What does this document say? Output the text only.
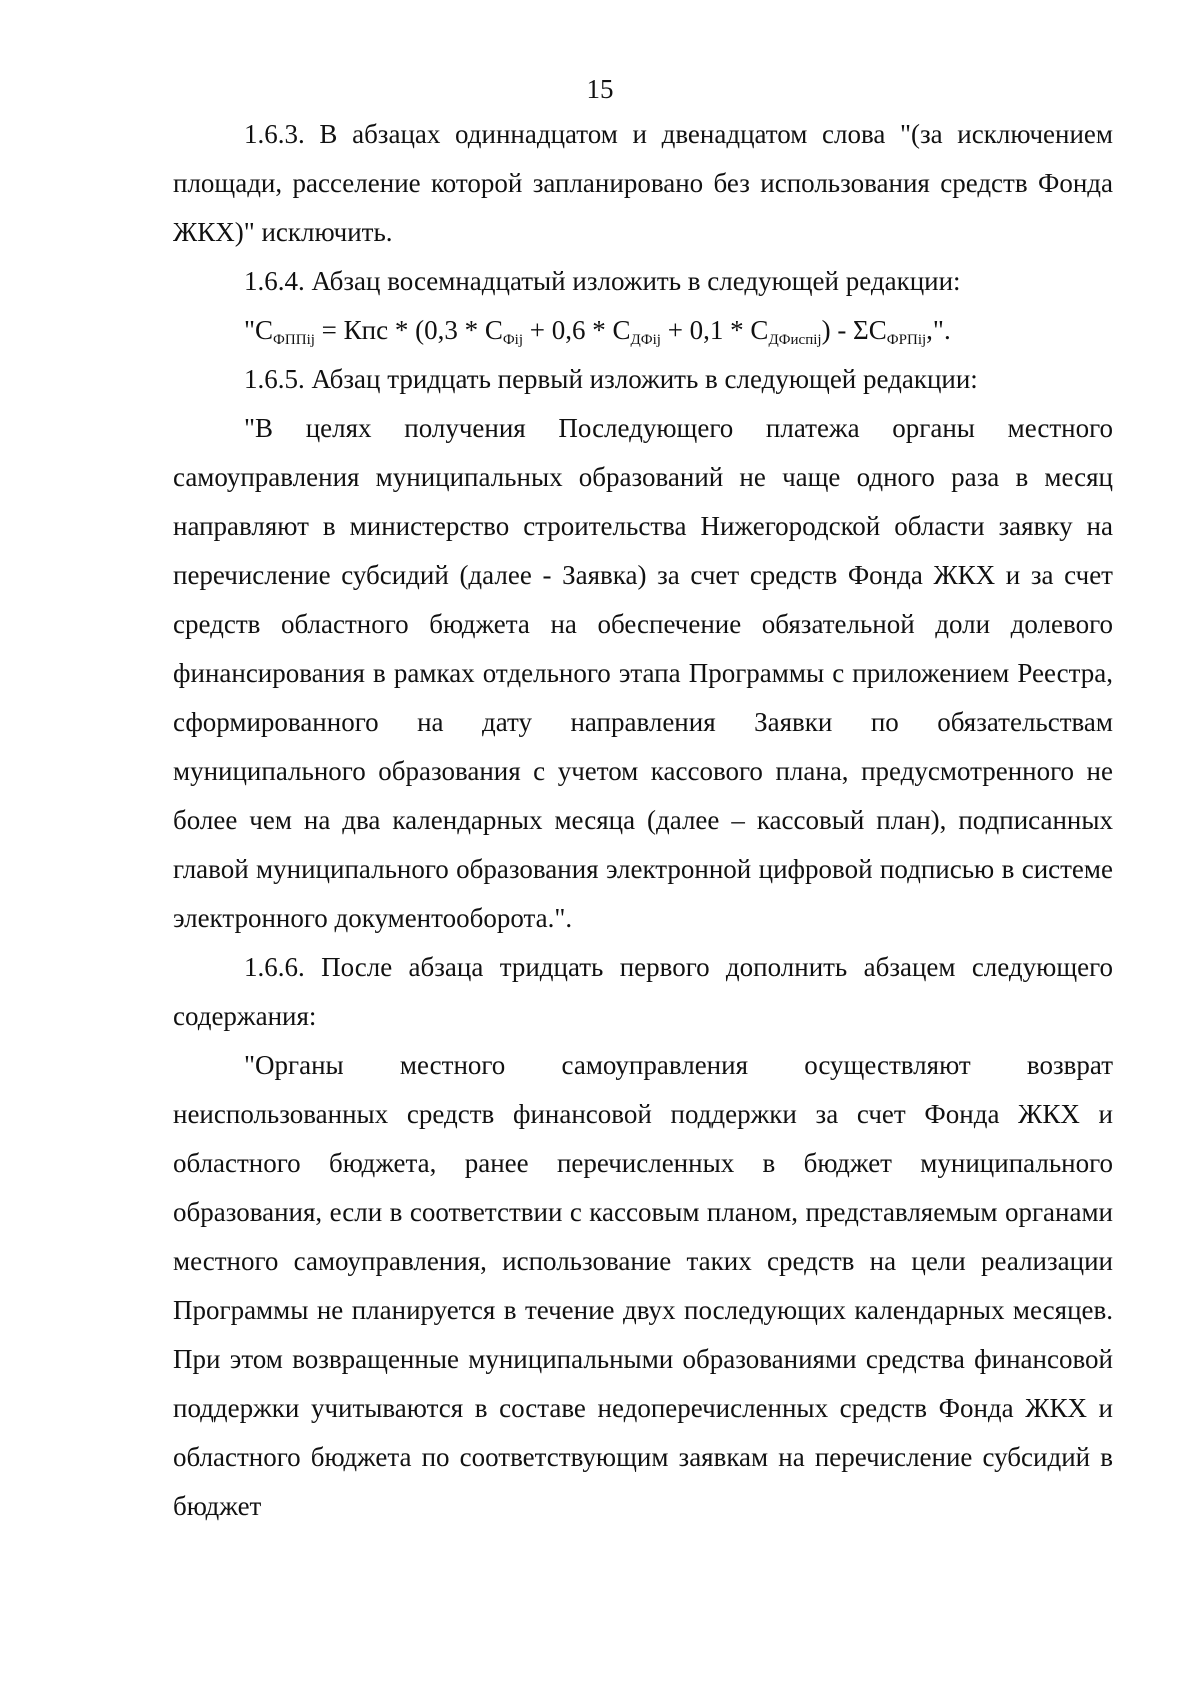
15

1.6.3. В абзацах одиннадцатом и двенадцатом слова "(за исключением площади, расселение которой запланировано без использования средств Фонда ЖКХ)" исключить.

1.6.4. Абзац восемнадцатый изложить в следующей редакции:

"$С_{ФППij}$ = Кпс * $(0,3 * С_{Фij} + 0,6 * С_{ДФij} + 0,1 * С_{ДФиспij}) - \Sigma С_{ФРПij}$,".

1.6.5. Абзац тридцать первый изложить в следующей редакции:

"В целях получения Последующего платежа органы местного самоуправления муниципальных образований не чаще одного раза в месяц направляют в министерство строительства Нижегородской области заявку на перечисление субсидий (далее - Заявка) за счет средств Фонда ЖКХ и за счет средств областного бюджета на обеспечение обязательной доли долевого финансирования в рамках отдельного этапа Программы с приложением Реестра, сформированного на дату направления Заявки по обязательствам муниципального образования с учетом кассового плана, предусмотренного не более чем на два календарных месяца (далее – кассовый план), подписанных главой муниципального образования электронной цифровой подписью в системе электронного документооборота.".

1.6.6. После абзаца тридцать первого дополнить абзацем следующего содержания:

"Органы местного самоуправления осуществляют возврат неиспользованных средств финансовой поддержки за счет Фонда ЖКХ и областного бюджета, ранее перечисленных в бюджет муниципального образования, если в соответствии с кассовым планом, представляемым органами местного самоуправления, использование таких средств на цели реализации Программы не планируется в течение двух последующих календарных месяцев. При этом возвращенные муниципальными образованиями средства финансовой поддержки учитываются в составе недоперечисленных средств Фонда ЖКХ и областного бюджета по соответствующим заявкам на перечисление субсидий в бюджет
